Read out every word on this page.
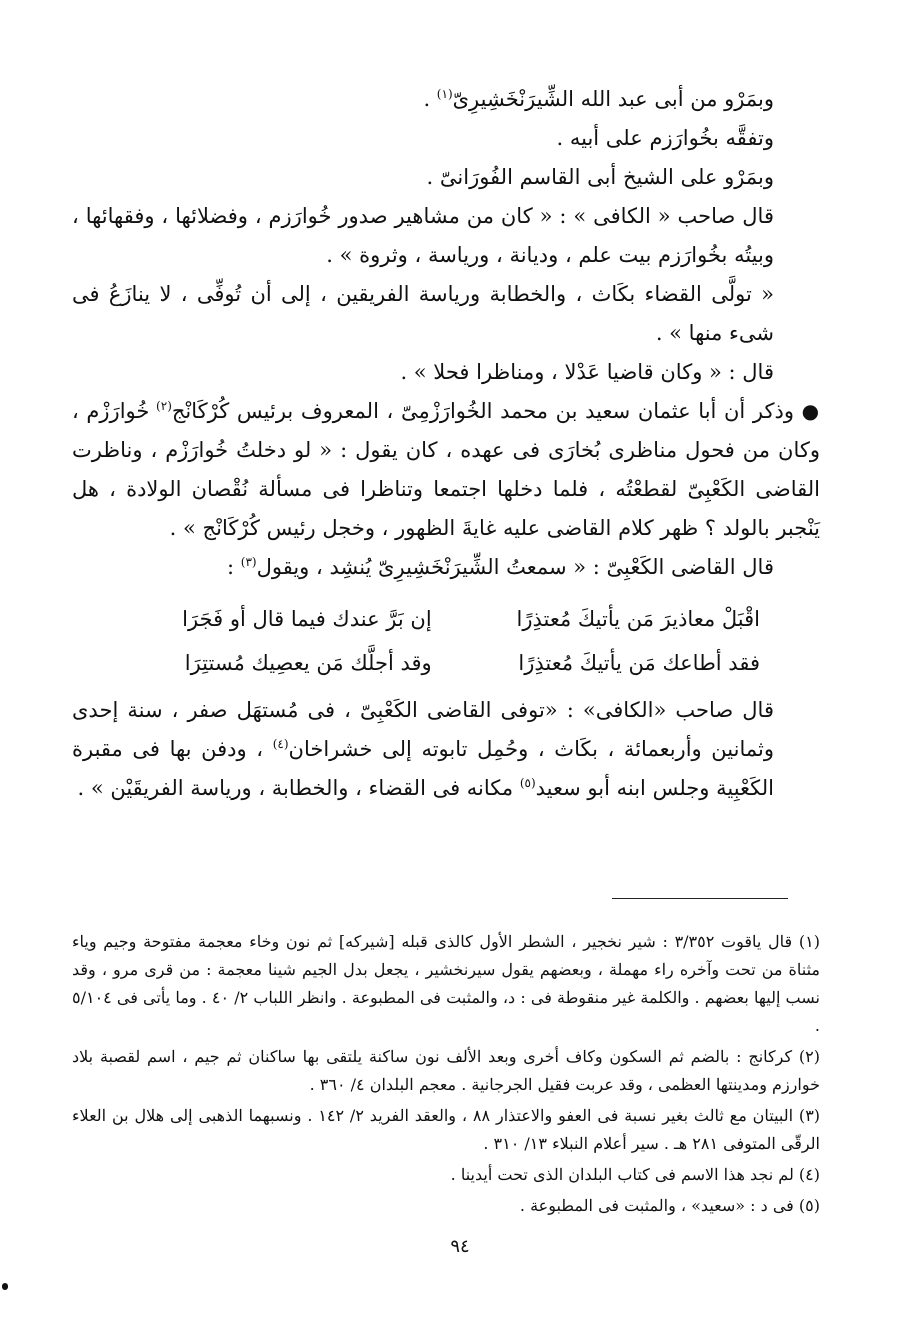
وبمَرْو من أبى عبد الله الشِّيرَنْخَشِيرِىّ$^{(١)}$ .

وتفقَّه بخُوارَزم على أبيه .

وبمَرْو على الشيخ أبى القاسم الفُورَانىّ .

قال صاحب « الكافى » : « كان من مشاهير صدور خُوارَزم ، وفضلائها ، وفقهائها ، وبيتُه بخُوارَزم بيت علم ، وديانة ، ورياسة ، وثروة » .

« تولَّى القضاء بكَاث ، والخطابة ورياسة الفريقين ، إلى أن تُوفِّى ، لا ينازَعُ فى شىء منها » .

قال : « وكان قاضيا عَدْلا ، ومناظرا فحلا » .

● وذكر أن أبا عثمان سعيد بن محمد الخُوارَزْمِىّ ، المعروف برئيس كُرْكَانْج$^{(٢)}$ خُوارَزْم ، وكان من فحول مناظرى بُخارَى فى عهده ، كان يقول : « لو دخلتُ خُوارَزْم ، وناظرت القاضى الكَعْبِىّ لقطعْتُه ، فلما دخلها اجتمعا وتناظرا فى مسألة نُقْصان الولادة ، هل يَنْجبر بالولد ؟ ظهر كلام القاضى عليه غايةَ الظهور ، وخجل رئيس كُرْكَانْج » .

قال القاضى الكَعْبِىّ : « سمعتُ الشِّيرَنْخَشِيرِىّ يُنشِد ، ويقول$^{(٣)}$ :

اقْبَلْ معاذيرَ مَن يأتيكَ مُعتذِرًا
إن بَرَّ عندك فيما قال أو فَجَرَا
فقد أطاعك مَن يأتيكَ مُعتذِرًا
وقد أجلَّك مَن يعصِيك مُستتِرَا

قال صاحب «الكافى» : «توفى القاضى الكَعْبِىّ ، فى مُستهَل صفر ، سنة إحدى وثمانين وأربعمائة ، بكَاث ، وحُمِل تابوته إلى خشراخان$^{(٤)}$ ، ودفن بها فى مقبرة الكَعْبِية وجلس ابنه أبو سعيد$^{(٥)}$ مكانه فى القضاء ، والخطابة ، ورياسة الفريقَيْن » .

(١) قال ياقوت ٣/٣٥٢ : شير نخجير ، الشطر الأول كالذى قبله [شيركه] ثم نون وخاء معجمة مفتوحة وجيم وياء مثناة من تحت وآخره راء مهملة ، وبعضهم يقول سيرنخشير ، يجعل بدل الجيم شينا معجمة : من قرى مرو ، وقد نسب إليها بعضهم . والكلمة غير منقوطة فى : د، والمثبت فى المطبوعة . وانظر اللباب ٢/ ٤٠ . وما يأتى فى ٥/١٠٤ .

(٢) كركانج : بالضم ثم السكون وكاف أخرى وبعد الألف نون ساكنة يلتقى بها ساكنان ثم جيم ، اسم لقصبة بلاد خوارزم ومدينتها العظمى ، وقد عربت فقيل الجرجانية . معجم البلدان ٤/ ٣٦٠ .

(٣) البيتان مع ثالث بغير نسبة فى العفو والاعتذار ٨٨ ، والعقد الفريد ٢/ ١٤٢ . ونسبهما الذهبى إلى هلال بن العلاء الرقّى المتوفى ٢٨١ هـ . سير أعلام النبلاء ١٣/ ٣١٠ .

(٤) لم نجد هذا الاسم فى كتاب البلدان الذى تحت أيدينا .

(٥) فى د : «سعيد» ، والمثبت فى المطبوعة .

٩٤
